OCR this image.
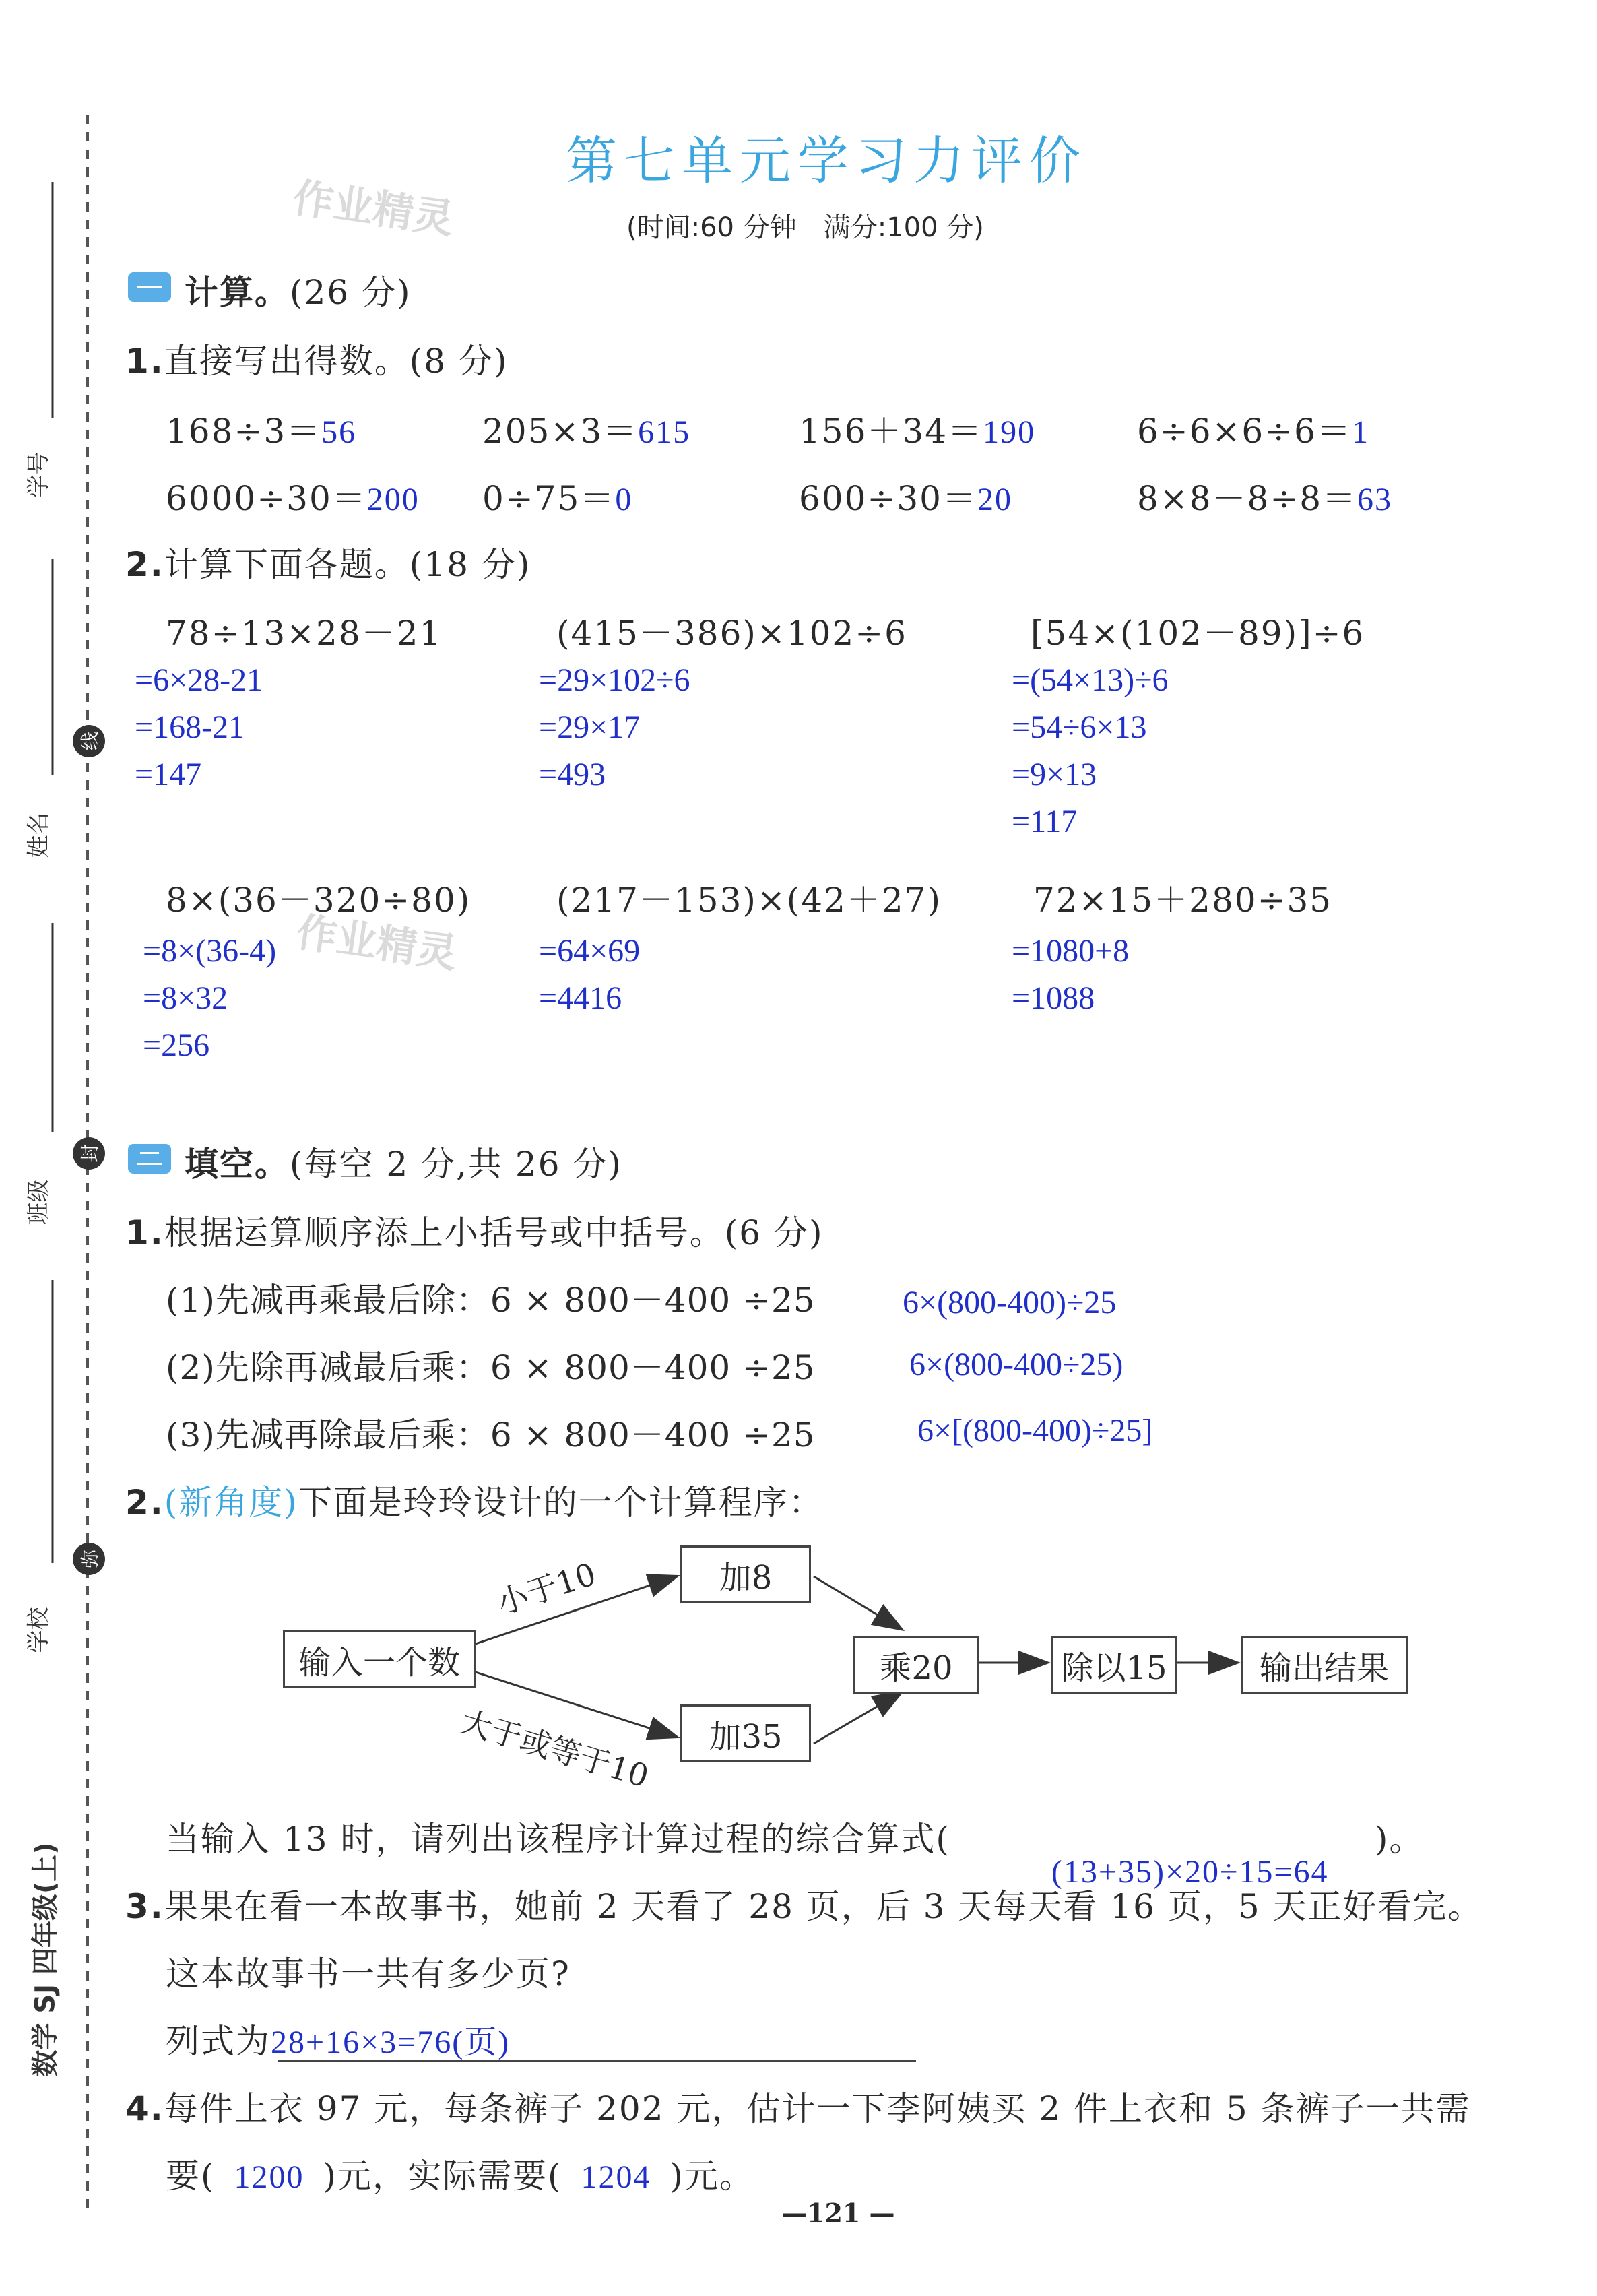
学号
姓名
班级
学校
数学 SJ 四年级(上)
线
封
弥
作业精灵
作业精灵
第七单元学习力评价
(时间:60 分钟　满分:100 分)
计算。(26 分)
1.直接写出得数。(8 分)
168÷3＝56	205×3＝615	156＋34＝190	6÷6×6÷6＝1
6000÷30＝200 0÷75＝0	600÷30＝20	8×8－8÷8＝63
2.计算下面各题。(18 分)
78÷13×28－21
=6×28-21
=168-21
=147
(415－386)×102÷6
=29×102÷6
=29×17
=493
[54×(102－89)]÷6
=(54×13)÷6
=54÷6×13
=9×13
=117
8×(36－320÷80)
=8×(36-4)
=8×32
=256
(217－153)×(42＋27)
=64×69
=4416
72×15＋280÷35
=1080+8
=1088
填空。(每空 2 分,共 26 分)
1.根据运算顺序添上小括号或中括号。(6 分)
(1)先减再乘最后除：6 × 800－400 ÷25	6×(800-400)÷25
(2)先除再减最后乘：6 × 800－400 ÷25	6×(800-400÷25)
(3)先减再除最后乘：6 × 800－400 ÷25	6×[(800-400)÷25]
2.(新角度)下面是玲玲设计的一个计算程序：
输入一个数
加8
加35
乘20	除以15	输出结果
小于10
大于或等于10
当输入 13 时，请列出该程序计算过程的综合算式(
(13+35)×20÷15=64
)。
3.果果在看一本故事书，她前 2 天看了 28 页，后 3 天每天看 16 页，5 天正好看完。
这本故事书一共有多少页?
列式为28+16×3=76(页)
4.每件上衣 97 元，每条裤子 202 元，估计一下李阿姨买 2 件上衣和 5 条裤子一共需
要( 1200 )元，实际需要( 1204 )元。
—121 —
